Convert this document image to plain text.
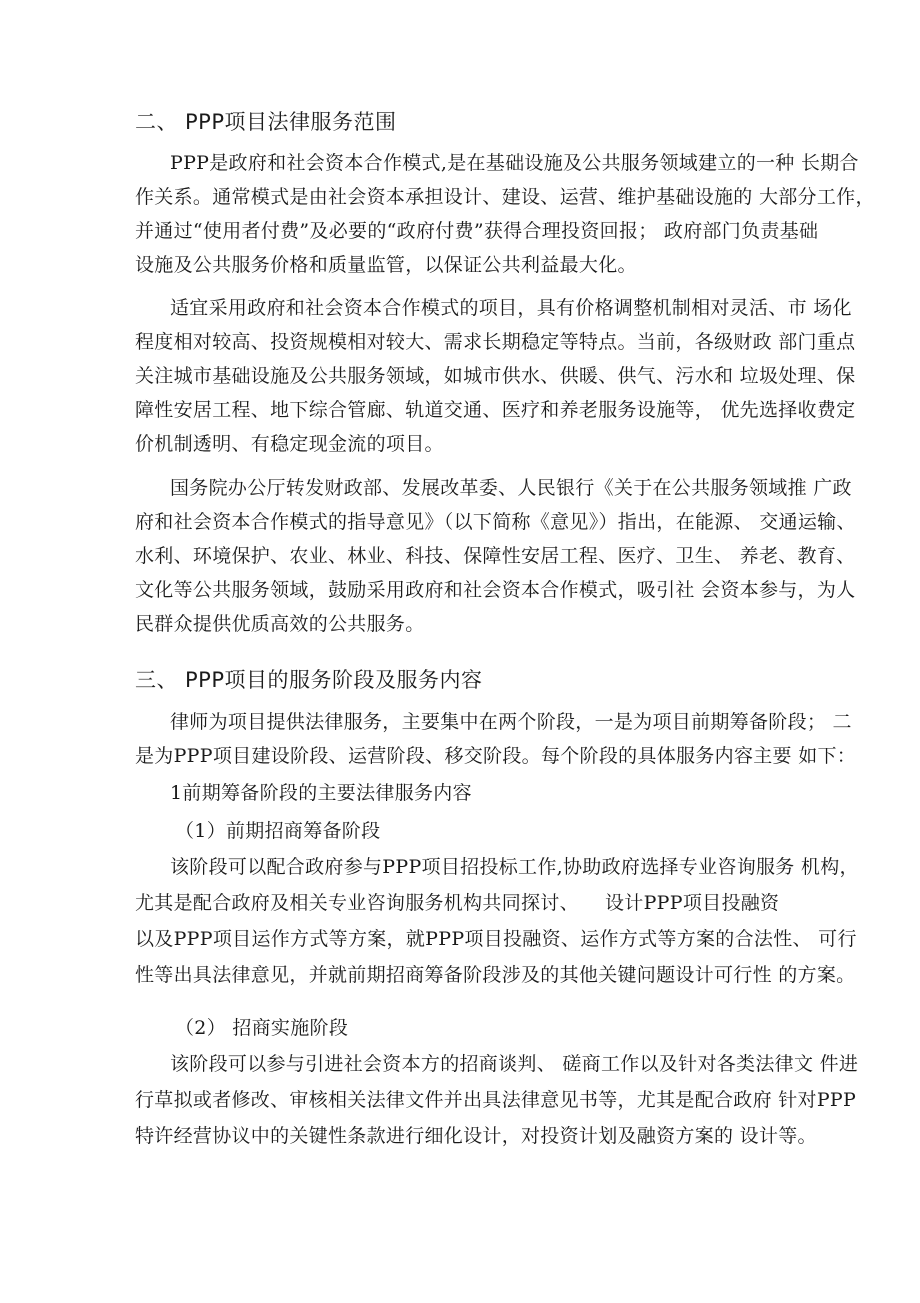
二、 PPP项目法律服务范围
PPP是政府和社会资本合作模式,是在基础设施及公共服务领域建立的一种 长期合
作关系。通常模式是由社会资本承担设计、建设、运营、维护基础设施的 大部分工作，
并通过“使用者付费”及必要的“政府付费”获得合理投资回报； 政府部门负责基础
设施及公共服务价格和质量监管，以保证公共利益最大化。
适宜采用政府和社会资本合作模式的项目，具有价格调整机制相对灵活、市 场化
程度相对较高、投资规模相对较大、需求长期稳定等特点。当前，各级财政 部门重点
关注城市基础设施及公共服务领域，如城市供水、供暖、供气、污水和 垃圾处理、保
障性安居工程、地下综合管廊、轨道交通、医疗和养老服务设施等， 优先选择收费定
价机制透明、有稳定现金流的项目。
国务院办公厅转发财政部、发展改革委、人民银行《关于在公共服务领域推 广政
府和社会资本合作模式的指导意见》（以下简称《意见》）指出，在能源、 交通运输、
水利、环境保护、农业、林业、科技、保障性安居工程、医疗、卫生、 养老、教育、
文化等公共服务领域，鼓励采用政府和社会资本合作模式，吸引社 会资本参与，为人
民群众提供优质高效的公共服务。
三、 PPP项目的服务阶段及服务内容
律师为项目提供法律服务，主要集中在两个阶段，一是为项目前期筹备阶段； 二
是为PPP项目建设阶段、运营阶段、移交阶段。每个阶段的具体服务内容主要 如下：
1前期筹备阶段的主要法律服务内容
（1）前期招商筹备阶段
该阶段可以配合政府参与PPP项目招投标工作,协助政府选择专业咨询服务 机构，
尤其是配合政府及相关专业咨询服务机构共同探讨、 设计PPP项目投融资
以及PPP项目运作方式等方案，就PPP项目投融资、运作方式等方案的合法性、 可行
性等出具法律意见，并就前期招商筹备阶段涉及的其他关键问题设计可行性 的方案。
（2） 招商实施阶段
该阶段可以参与引进社会资本方的招商谈判、 磋商工作以及针对各类法律文 件进
行草拟或者修改、审核相关法律文件并出具法律意见书等，尤其是配合政府 针对PPP
特许经营协议中的关键性条款进行细化设计，对投资计划及融资方案的 设计等。
